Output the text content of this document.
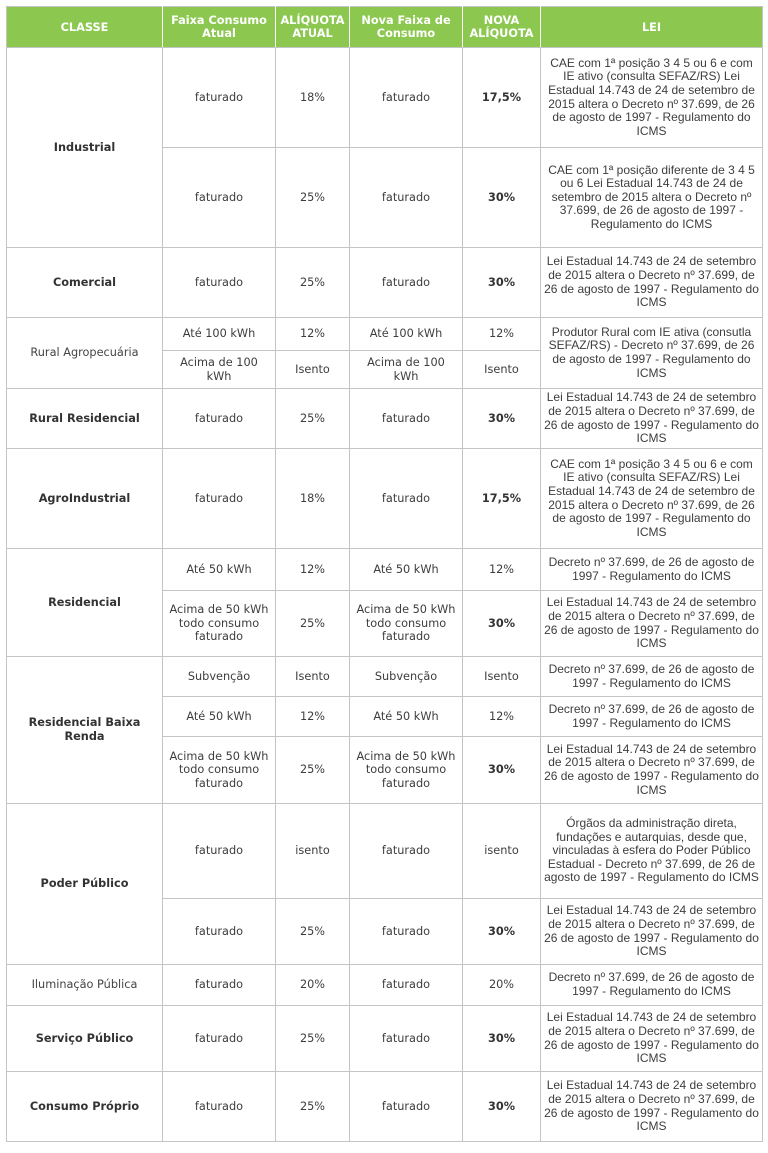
CLASSE	Faixa Consumo Atual	ALÍQUOTA ATUAL	Nova Faixa de Consumo	NOVA ALÍQUOTA	LEI
Industrial	faturado	18%	faturado	17,5%	CAE com 1ª posição 3 4 5 ou 6 e com IE ativo (consulta SEFAZ/RS) Lei Estadual 14.743 de 24 de setembro de 2015 altera o Decreto nº 37.699, de 26 de agosto de 1997 - Regulamento do ICMS
	faturado	25%	faturado	30%	CAE com 1ª posição diferente de 3 4 5 ou 6 Lei Estadual 14.743 de 24 de setembro de 2015 altera o Decreto nº 37.699, de 26 de agosto de 1997 - Regulamento do ICMS
Comercial	faturado	25%	faturado	30%	Lei Estadual 14.743 de 24 de setembro de 2015 altera o Decreto nº 37.699, de 26 de agosto de 1997 - Regulamento do ICMS
Rural Agropecuária	Até 100 kWh	12%	Até 100 kWh	12%	Produtor Rural com IE ativa (consutla SEFAZ/RS) - Decreto nº 37.699, de 26 de agosto de 1997 - Regulamento do ICMS
	Acima de 100 kWh	Isento	Acima de 100 kWh	Isento	
Rural Residencial	faturado	25%	faturado	30%	Lei Estadual 14.743 de 24 de setembro de 2015 altera o Decreto nº 37.699, de 26 de agosto de 1997 - Regulamento do ICMS
AgroIndustrial	faturado	18%	faturado	17,5%	CAE com 1ª posição 3 4 5 ou 6 e com IE ativo (consulta SEFAZ/RS) Lei Estadual 14.743 de 24 de setembro de 2015 altera o Decreto nº 37.699, de 26 de agosto de 1997 - Regulamento do ICMS
Residencial	Até 50 kWh	12%	Até 50 kWh	12%	Decreto nº 37.699, de 26 de agosto de 1997 - Regulamento do ICMS
	Acima de 50 kWh todo consumo faturado	25%	Acima de 50 kWh todo consumo faturado	30%	Lei Estadual 14.743 de 24 de setembro de 2015 altera o Decreto nº 37.699, de 26 de agosto de 1997 - Regulamento do ICMS
Residencial Baixa Renda	Subvenção	Isento	Subvenção	Isento	Decreto nº 37.699, de 26 de agosto de 1997 - Regulamento do ICMS
	Até 50 kWh	12%	Até 50 kWh	12%	Decreto nº 37.699, de 26 de agosto de 1997 - Regulamento do ICMS
	Acima de 50 kWh todo consumo faturado	25%	Acima de 50 kWh todo consumo faturado	30%	Lei Estadual 14.743 de 24 de setembro de 2015 altera o Decreto nº 37.699, de 26 de agosto de 1997 - Regulamento do ICMS
Poder Público	faturado	isento	faturado	isento	Órgãos da administração direta, fundações e autarquias, desde que, vinculadas à esfera do Poder Público Estadual - Decreto nº 37.699, de 26 de agosto de 1997 - Regulamento do ICMS
	faturado	25%	faturado	30%	Lei Estadual 14.743 de 24 de setembro de 2015 altera o Decreto nº 37.699, de 26 de agosto de 1997 - Regulamento do ICMS
Iluminação Pública	faturado	20%	faturado	20%	Decreto nº 37.699, de 26 de agosto de 1997 - Regulamento do ICMS
Serviço Público	faturado	25%	faturado	30%	Lei Estadual 14.743 de 24 de setembro de 2015 altera o Decreto nº 37.699, de 26 de agosto de 1997 - Regulamento do ICMS
Consumo Próprio	faturado	25%	faturado	30%	Lei Estadual 14.743 de 24 de setembro de 2015 altera o Decreto nº 37.699, de 26 de agosto de 1997 - Regulamento do ICMS
